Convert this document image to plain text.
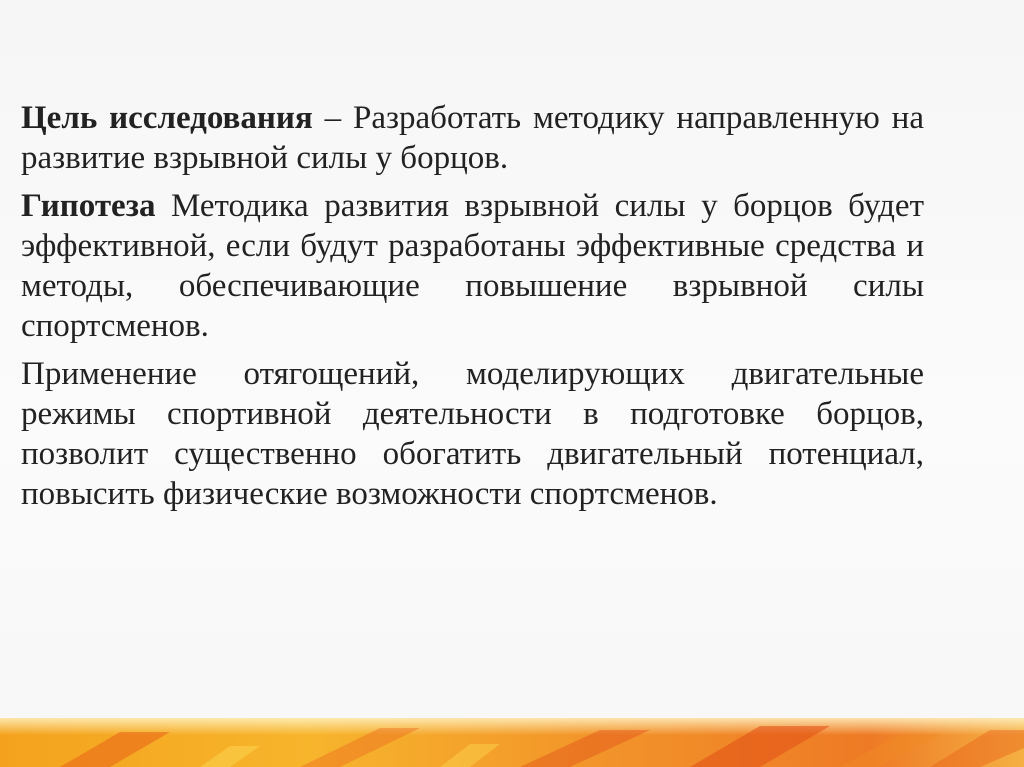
Цель исследования – Разработать методику направленную на развитие взрывной силы у борцов.

Гипотеза Методика развития взрывной силы у борцов будет эффективной, если будут разработаны эффективные средства и методы, обеспечивающие повышение взрывной силы спортсменов.

Применение отягощений, моделирующих двигательные режимы спортивной деятельности в подготовке борцов, позволит существенно обогатить двигательный потенциал, повысить физические возможности спортсменов.
